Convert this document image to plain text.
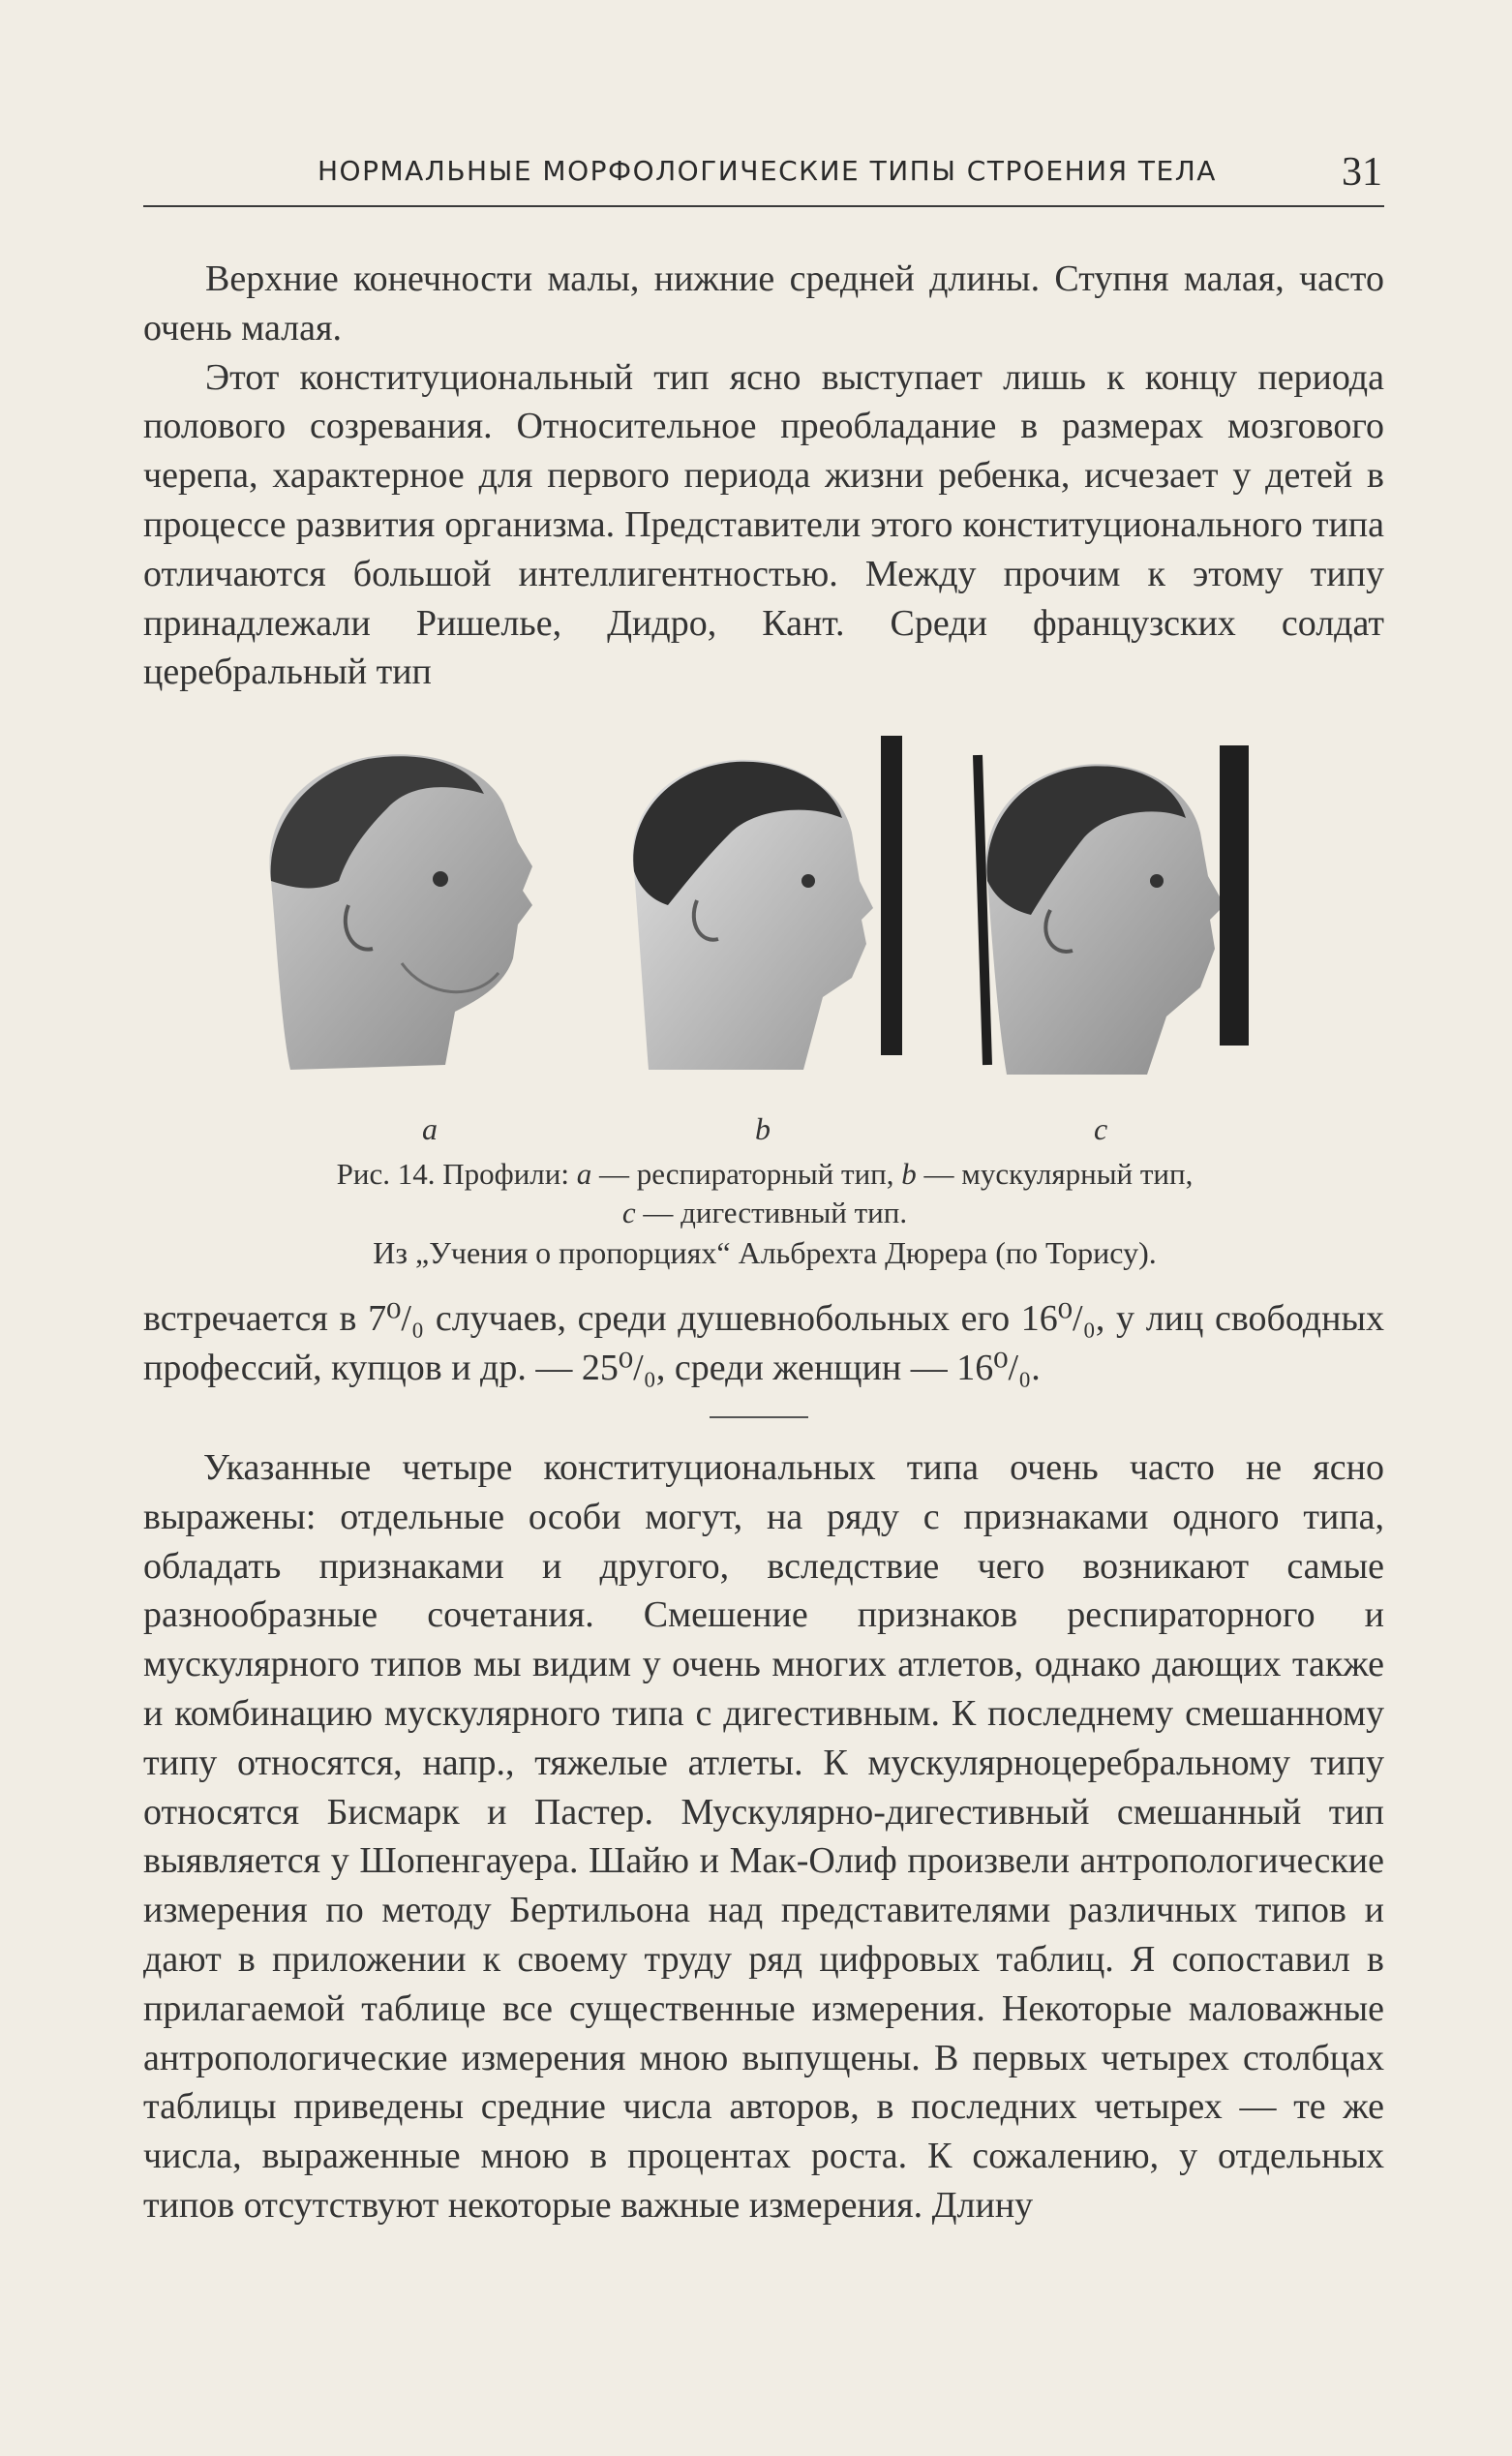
НОРМАЛЬНЫЕ МОРФОЛОГИЧЕСКИЕ ТИПЫ СТРОЕНИЯ ТЕЛА	31

Верхние конечности малы, нижние средней длины. Ступня малая, часто очень малая.

Этот конституциональный тип ясно выступает лишь к концу периода полового созревания. Относительное преобладание в размерах мозгового черепа, характерное для первого периода жизни ребенка, исчезает у детей в процессе развития организма. Представители этого конституционального типа отличаются большой интеллигентностью. Между прочим к этому типу принадлежали Ришелье, Дидро, Кант. Среди французских солдат церебральный тип

a	b	c
Рис. 14. Профили: a — респираторный тип, b — мускулярный тип,
c — дигестивный тип.
Из „Учения о пропорциях“ Альбрехта Дюрера (по Торису).

встречается в 7⁰/₀ случаев, среди душевнобольных его 16⁰/₀, у лиц свободных профессий, купцов и др. — 25⁰/₀, среди женщин — 16⁰/₀.

Указанные четыре конституциональных типа очень часто не ясно выражены: отдельные особи могут, на ряду с признаками одного типа, обладать признаками и другого, вследствие чего возникают самые разнообразные сочетания. Смешение признаков респираторного и мускулярного типов мы видим у очень многих атлетов, однако дающих также и комбинацию мускулярного типа с дигестивным. К последнему смешанному типу относятся, напр., тяжелые атлеты. К мускулярноцеребральному типу относятся Бисмарк и Пастер. Мускулярно-дигестивный смешанный тип выявляется у Шопенгауера. Шайю и Мак-Олиф произвели антропологические измерения по методу Бертильона над представителями различных типов и дают в приложении к своему труду ряд цифровых таблиц. Я сопоставил в прилагаемой таблице все существенные измерения. Некоторые маловажные антропологические измерения мною выпущены. В первых четырех столбцах таблицы приведены средние числа авторов, в последних четырех — те же числа, выраженные мною в процентах роста. К сожалению, у отдельных типов отсутствуют некоторые важные измерения. Длину
